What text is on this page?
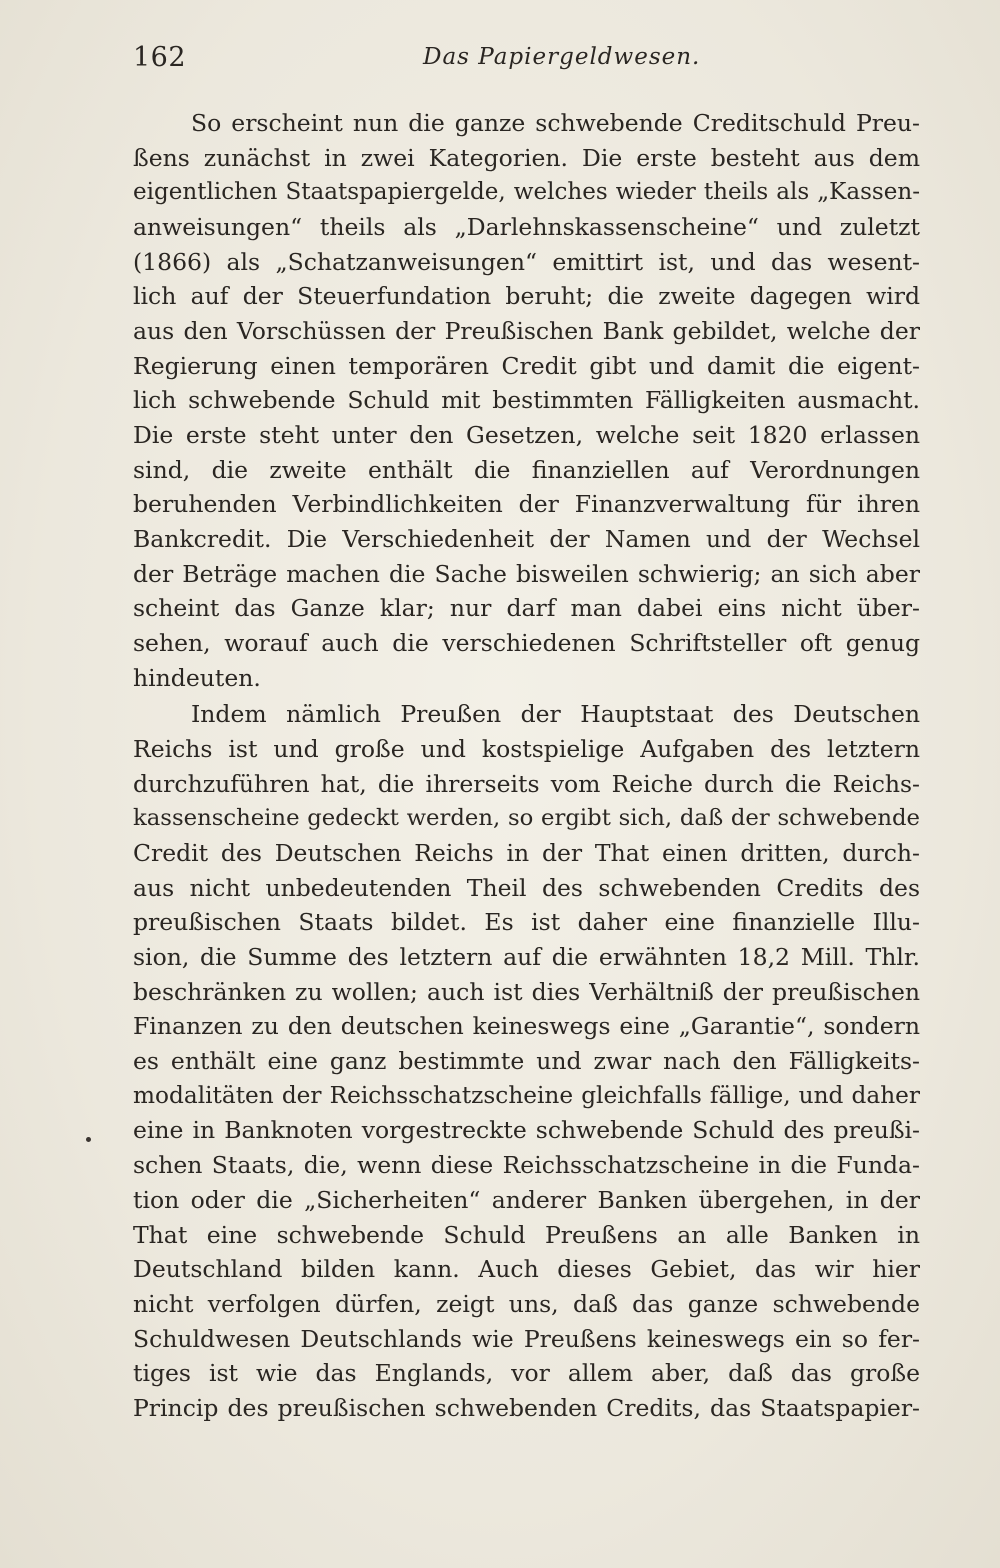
162	Das Papiergeldwesen.
So erscheint nun die ganze schwebende Creditschuld Preu-
ßens zunächst in zwei Kategorien. Die erste besteht aus dem
eigentlichen Staatspapiergelde, welches wieder theils als „Kassen-
anweisungen“ theils als „Darlehnskassenscheine“ und zuletzt
(1866) als „Schatzanweisungen“ emittirt ist, und das wesent-
lich auf der Steuerfundation beruht; die zweite dagegen wird
aus den Vorschüssen der Preußischen Bank gebildet, welche der
Regierung einen temporären Credit gibt und damit die eigent-
lich schwebende Schuld mit bestimmten Fälligkeiten ausmacht.
Die erste steht unter den Gesetzen, welche seit 1820 erlassen
sind, die zweite enthält die finanziellen auf Verordnungen
beruhenden Verbindlichkeiten der Finanzverwaltung für ihren
Bankcredit. Die Verschiedenheit der Namen und der Wechsel
der Beträge machen die Sache bisweilen schwierig; an sich aber
scheint das Ganze klar; nur darf man dabei eins nicht über-
sehen, worauf auch die verschiedenen Schriftsteller oft genug
hindeuten.
Indem nämlich Preußen der Hauptstaat des Deutschen
Reichs ist und große und kostspielige Aufgaben des letztern
durchzuführen hat, die ihrerseits vom Reiche durch die Reichs-
kassenscheine gedeckt werden, so ergibt sich, daß der schwebende
Credit des Deutschen Reichs in der That einen dritten, durch-
aus nicht unbedeutenden Theil des schwebenden Credits des
preußischen Staats bildet. Es ist daher eine finanzielle Illu-
sion, die Summe des letztern auf die erwähnten 18,2 Mill. Thlr.
beschränken zu wollen; auch ist dies Verhältniß der preußischen
Finanzen zu den deutschen keineswegs eine „Garantie“, sondern
es enthält eine ganz bestimmte und zwar nach den Fälligkeits-
modalitäten der Reichsschatzscheine gleichfalls fällige, und daher
eine in Banknoten vorgestreckte schwebende Schuld des preußi-
schen Staats, die, wenn diese Reichsschatzscheine in die Funda-
tion oder die „Sicherheiten“ anderer Banken übergehen, in der
That eine schwebende Schuld Preußens an alle Banken in
Deutschland bilden kann. Auch dieses Gebiet, das wir hier
nicht verfolgen dürfen, zeigt uns, daß das ganze schwebende
Schuldwesen Deutschlands wie Preußens keineswegs ein so fer-
tiges ist wie das Englands, vor allem aber, daß das große
Princip des preußischen schwebenden Credits, das Staatspapier-
